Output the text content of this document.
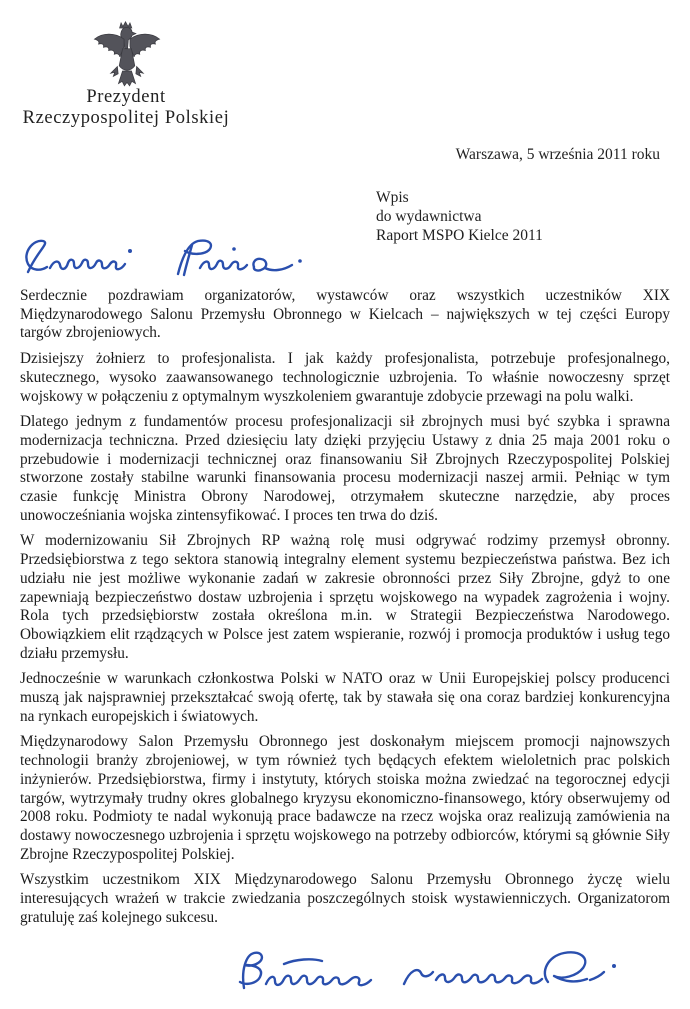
Prezydent
Rzeczypospolitej Polskiej
Warszawa, 5 września 2011 roku
Wpis
do wydawnictwa
Raport MSPO Kielce 2011

Serdecznie pozdrawiam organizatorów, wystawców oraz wszystkich uczestników XIX Międzynarodowego Salonu Przemysłu Obronnego w Kielcach – największych w tej części Europy targów zbrojeniowych.

Dzisiejszy żołnierz to profesjonalista. I jak każdy profesjonalista, potrzebuje profesjonalnego, skutecznego, wysoko zaawansowanego technologicznie uzbrojenia. To właśnie nowoczesny sprzęt wojskowy w połączeniu z optymalnym wyszkoleniem gwarantuje zdobycie przewagi na polu walki.

Dlatego jednym z fundamentów procesu profesjonalizacji sił zbrojnych musi być szybka i sprawna modernizacja techniczna. Przed dziesięciu laty dzięki przyjęciu Ustawy z dnia 25 maja 2001 roku o przebudowie i modernizacji technicznej oraz finansowaniu Sił Zbrojnych Rzeczypospolitej Polskiej stworzone zostały stabilne warunki finansowania procesu modernizacji naszej armii. Pełniąc w tym czasie funkcję Ministra Obrony Narodowej, otrzymałem skuteczne narzędzie, aby proces unowocześniania wojska zintensyfikować. I proces ten trwa do dziś.

W modernizowaniu Sił Zbrojnych RP ważną rolę musi odgrywać rodzimy przemysł obronny. Przedsiębiorstwa z tego sektora stanowią integralny element systemu bezpieczeństwa państwa. Bez ich udziału nie jest możliwe wykonanie zadań w zakresie obronności przez Siły Zbrojne, gdyż to one zapewniają bezpieczeństwo dostaw uzbrojenia i sprzętu wojskowego na wypadek zagrożenia i wojny. Rola tych przedsiębiorstw została określona m.in. w Strategii Bezpieczeństwa Narodowego. Obowiązkiem elit rządzących w Polsce jest zatem wspieranie, rozwój i promocja produktów i usług tego działu przemysłu.

Jednocześnie w warunkach członkostwa Polski w NATO oraz w Unii Europejskiej polscy producenci muszą jak najsprawniej przekształcać swoją ofertę, tak by stawała się ona coraz bardziej konkurencyjna na rynkach europejskich i światowych.

Międzynarodowy Salon Przemysłu Obronnego jest doskonałym miejscem promocji najnowszych technologii branży zbrojeniowej, w tym również tych będących efektem wieloletnich prac polskich inżynierów. Przedsiębiorstwa, firmy i instytuty, których stoiska można zwiedzać na tegorocznej edycji targów, wytrzymały trudny okres globalnego kryzysu ekonomiczno-finansowego, który obserwujemy od 2008 roku. Podmioty te nadal wykonują prace badawcze na rzecz wojska oraz realizują zamówienia na dostawy nowoczesnego uzbrojenia i sprzętu wojskowego na potrzeby odbiorców, którymi są głównie Siły Zbrojne Rzeczypospolitej Polskiej.

Wszystkim uczestnikom XIX Międzynarodowego Salonu Przemysłu Obronnego życzę wielu interesujących wrażeń w trakcie zwiedzania poszczególnych stoisk wystawienniczych. Organizatorom gratuluję zaś kolejnego sukcesu.
